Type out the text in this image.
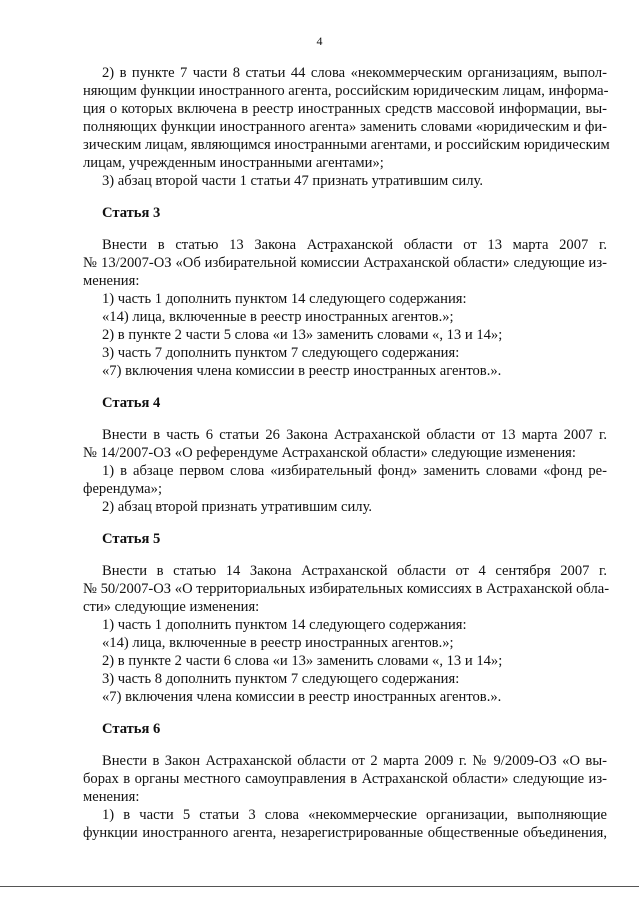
4
2) в пункте 7 части 8 статьи 44 слова «некоммерческим организациям, выпол-
няющим функции иностранного агента, российским юридическим лицам, информа-
ция о которых включена в реестр иностранных средств массовой информации, вы-
полняющих функции иностранного агента» заменить словами «юридическим и фи-
зическим лицам, являющимся иностранными агентами, и российским юридическим
лицам, учрежденным иностранными агентами»;
3) абзац второй части 1 статьи 47 признать утратившим силу.
Статья 3
Внести в статью 13 Закона Астраханской области от 13 марта 2007 г.
№ 13/2007-ОЗ «Об избирательной комиссии Астраханской области» следующие из-
менения:
1) часть 1 дополнить пунктом 14 следующего содержания:
«14) лица, включенные в реестр иностранных агентов.»;
2) в пункте 2 части 5 слова «и 13» заменить словами «, 13 и 14»;
3) часть 7 дополнить пунктом 7 следующего содержания:
«7) включения члена комиссии в реестр иностранных агентов.».
Статья 4
Внести в часть 6 статьи 26 Закона Астраханской области от 13 марта 2007 г.
№ 14/2007-ОЗ «О референдуме Астраханской области» следующие изменения:
1) в абзаце первом слова «избирательный фонд» заменить словами «фонд ре-
ферендума»;
2) абзац второй признать утратившим силу.
Статья 5
Внести в статью 14 Закона Астраханской области от 4 сентября 2007 г.
№ 50/2007-ОЗ «О территориальных избирательных комиссиях в Астраханской обла-
сти» следующие изменения:
1) часть 1 дополнить пунктом 14 следующего содержания:
«14) лица, включенные в реестр иностранных агентов.»;
2) в пункте 2 части 6 слова «и 13» заменить словами «, 13 и 14»;
3) часть 8 дополнить пунктом 7 следующего содержания:
«7) включения члена комиссии в реестр иностранных агентов.».
Статья 6
Внести в Закон Астраханской области от 2 марта 2009 г. № 9/2009-ОЗ «О вы-
борах в органы местного самоуправления в Астраханской области» следующие из-
менения:
1) в части 5 статьи 3 слова «некоммерческие организации, выполняющие
функции иностранного агента, незарегистрированные общественные объединения,
